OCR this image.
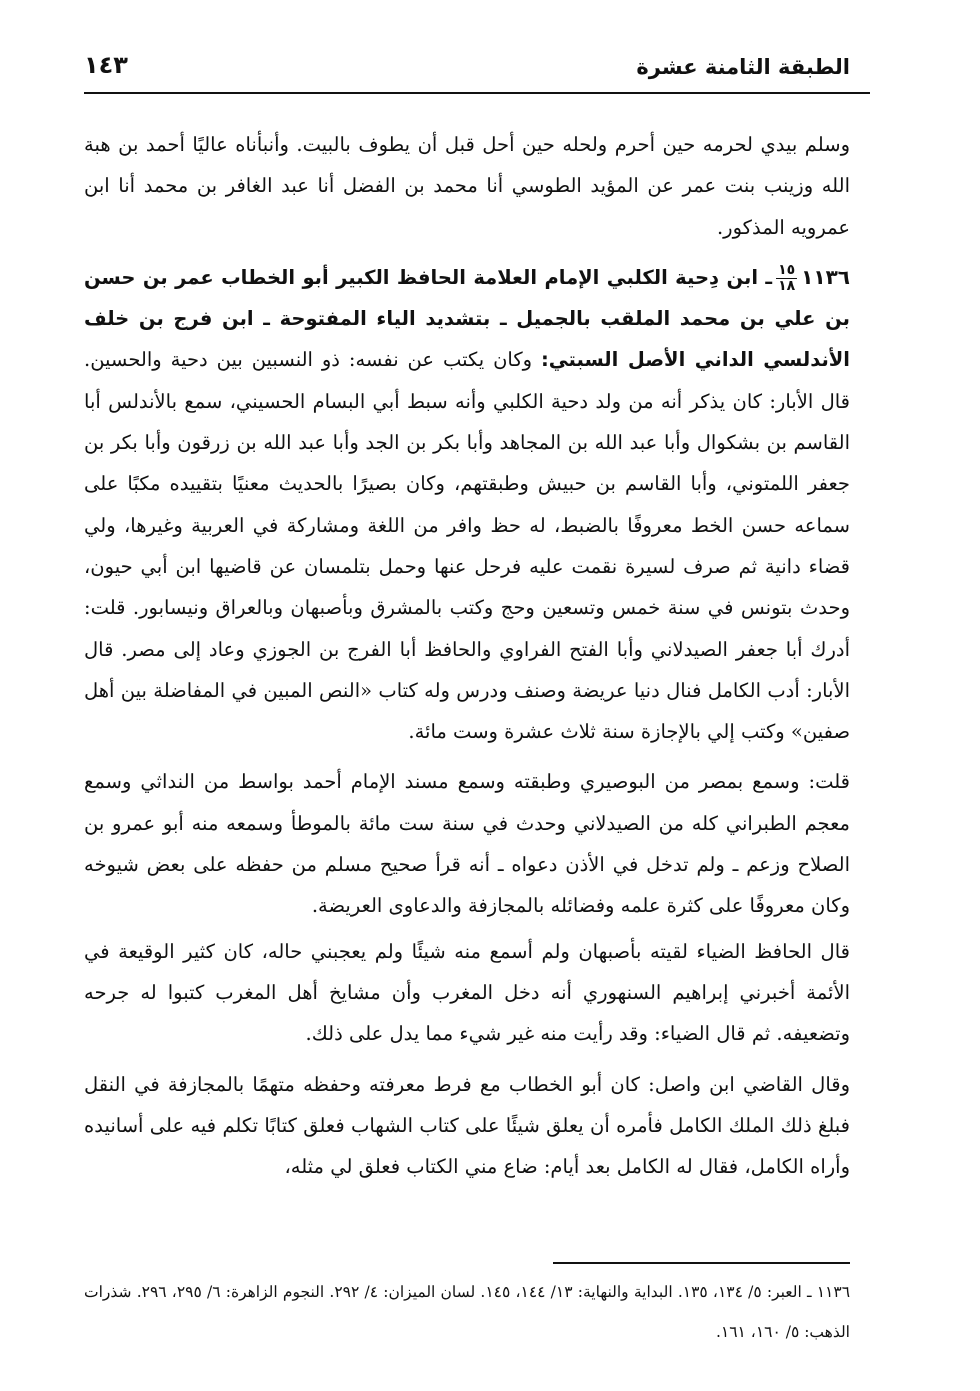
الطبقة الثامنة عشرة
١٤٣

وسلم بيدي لحرمه حين أحرم ولحله حين أحل قبل أن يطوف بالبيت. وأنبأناه عاليًا أحمد بن هبة الله وزينب بنت عمر عن المؤيد الطوسي أنا محمد بن الفضل أنا عبد الغافر بن محمد أنا ابن عمرويه المذكور.

١١٣٦
$\frac{١٥}{١٨}$
ـ ابن دِحية الكلبي الإمام العلامة الحافظ الكبير أبو الخطاب عمر بن حسن بن علي بن محمد الملقب بالجميل ـ بتشديد الياء المفتوحة ـ ابن فرج بن خلف الأندلسي الداني الأصل السبتي: وكان يكتب عن نفسه: ذو النسبين بين دحية والحسين. قال الأبار: كان يذكر أنه من ولد دحية الكلبي وأنه سبط أبي البسام الحسيني، سمع بالأندلس أبا القاسم بن بشكوال وأبا عبد الله بن المجاهد وأبا بكر بن الجد وأبا عبد الله بن زرقون وأبا بكر بن جعفر اللمتوني، وأبا القاسم بن حبيش وطبقتهم، وكان بصيرًا بالحديث معنيًا بتقييده مكبًا على سماعه حسن الخط معروفًا بالضبط، له حظ وافر من اللغة ومشاركة في العربية وغيرها، ولي قضاء دانية ثم صرف لسيرة نقمت عليه فرحل عنها وحمل بتلمسان عن قاضيها ابن أبي حيون، وحدث بتونس في سنة خمس وتسعين وحج وكتب بالمشرق وبأصبهان وبالعراق ونيسابور. قلت: أدرك أبا جعفر الصيدلاني وأبا الفتح الفراوي والحافظ أبا الفرج بن الجوزي وعاد إلى مصر. قال الأبار: أدب الكامل فنال دنيا عريضة وصنف ودرس وله كتاب «النص المبين في المفاضلة بين أهل صفين» وكتب إلي بالإجازة سنة ثلاث عشرة وست مائة.

قلت: وسمع بمصر من البوصيري وطبقته وسمع مسند الإمام أحمد بواسط من النداثي وسمع معجم الطبراني كله من الصيدلاني وحدث في سنة ست مائة بالموطأ وسمعه منه أبو عمرو بن الصلاح وزعم ـ ولم تدخل في الأذن دعواه ـ أنه قرأ صحيح مسلم من حفظه على بعض شيوخه وكان معروفًا على كثرة علمه وفضائله بالمجازفة والدعاوى العريضة.

قال الحافظ الضياء لقيته بأصبهان ولم أسمع منه شيئًا ولم يعجبني حاله، كان كثير الوقيعة في الأئمة أخبرني إبراهيم السنهوري أنه دخل المغرب وأن مشايخ أهل المغرب كتبوا له جرحه وتضعيفه. ثم قال الضياء: وقد رأيت منه غير شيء مما يدل على ذلك.

وقال القاضي ابن واصل: كان أبو الخطاب مع فرط معرفته وحفظه متهمًا بالمجازفة في النقل فبلغ ذلك الملك الكامل فأمره أن يعلق شيئًا على كتاب الشهاب فعلق كتابًا تكلم فيه على أسانيده وأراه الكامل، فقال له الكامل بعد أيام: ضاع مني الكتاب فعلق لي مثله،

١١٣٦ ـ العبر: ٥/ ١٣٤، ١٣٥. البداية والنهاية: ١٣/ ١٤٤، ١٤٥. لسان الميزان: ٤/ ٢٩٢. النجوم الزاهرة: ٦/ ٢٩٥، ٢٩٦. شذرات الذهب: ٥/ ١٦٠، ١٦١.
